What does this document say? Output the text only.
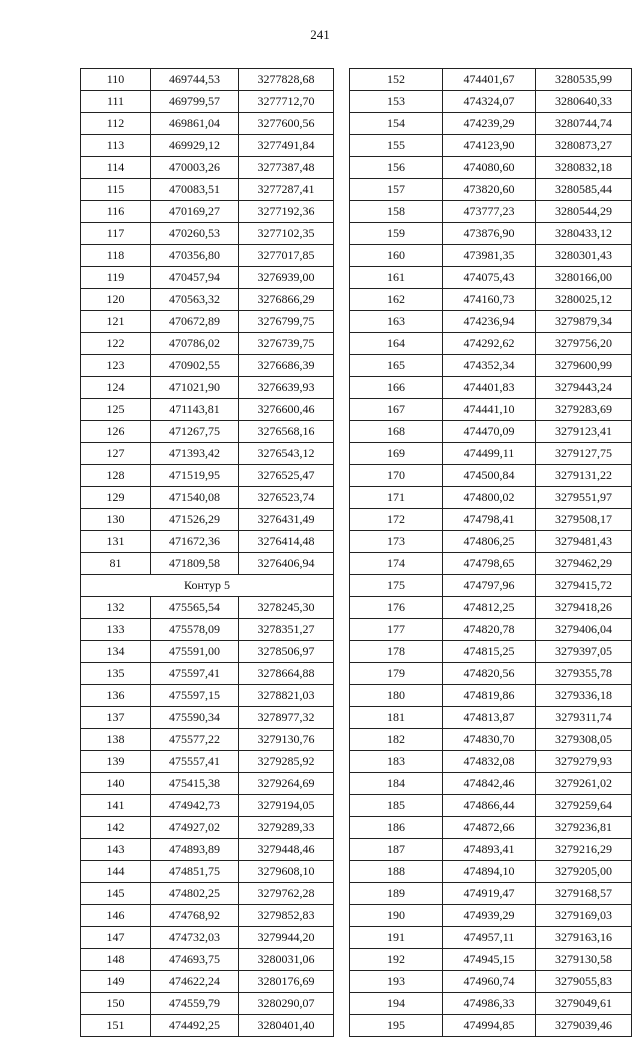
241
110	469744,53	3277828,68
111	469799,57	3277712,70
112	469861,04	3277600,56
113	469929,12	3277491,84
114	470003,26	3277387,48
115	470083,51	3277287,41
116	470169,27	3277192,36
117	470260,53	3277102,35
118	470356,80	3277017,85
119	470457,94	3276939,00
120	470563,32	3276866,29
121	470672,89	3276799,75
122	470786,02	3276739,75
123	470902,55	3276686,39
124	471021,90	3276639,93
125	471143,81	3276600,46
126	471267,75	3276568,16
127	471393,42	3276543,12
128	471519,95	3276525,47
129	471540,08	3276523,74
130	471526,29	3276431,49
131	471672,36	3276414,48
81	471809,58	3276406,94
Контур 5		
132	475565,54	3278245,30
133	475578,09	3278351,27
134	475591,00	3278506,97
135	475597,41	3278664,88
136	475597,15	3278821,03
137	475590,34	3278977,32
138	475577,22	3279130,76
139	475557,41	3279285,92
140	475415,38	3279264,69
141	474942,73	3279194,05
142	474927,02	3279289,33
143	474893,89	3279448,46
144	474851,75	3279608,10
145	474802,25	3279762,28
146	474768,92	3279852,83
147	474732,03	3279944,20
148	474693,75	3280031,06
149	474622,24	3280176,69
150	474559,79	3280290,07
151	474492,25	3280401,40
152	474401,67	3280535,99
153	474324,07	3280640,33
154	474239,29	3280744,74
155	474123,90	3280873,27
156	474080,60	3280832,18
157	473820,60	3280585,44
158	473777,23	3280544,29
159	473876,90	3280433,12
160	473981,35	3280301,43
161	474075,43	3280166,00
162	474160,73	3280025,12
163	474236,94	3279879,34
164	474292,62	3279756,20
165	474352,34	3279600,99
166	474401,83	3279443,24
167	474441,10	3279283,69
168	474470,09	3279123,41
169	474499,11	3279127,75
170	474500,84	3279131,22
171	474800,02	3279551,97
172	474798,41	3279508,17
173	474806,25	3279481,43
174	474798,65	3279462,29
175	474797,96	3279415,72
176	474812,25	3279418,26
177	474820,78	3279406,04
178	474815,25	3279397,05
179	474820,56	3279355,78
180	474819,86	3279336,18
181	474813,87	3279311,74
182	474830,70	3279308,05
183	474832,08	3279279,93
184	474842,46	3279261,02
185	474866,44	3279259,64
186	474872,66	3279236,81
187	474893,41	3279216,29
188	474894,10	3279205,00
189	474919,47	3279168,57
190	474939,29	3279169,03
191	474957,11	3279163,16
192	474945,15	3279130,58
193	474960,74	3279055,83
194	474986,33	3279049,61
195	474994,85	3279039,46
